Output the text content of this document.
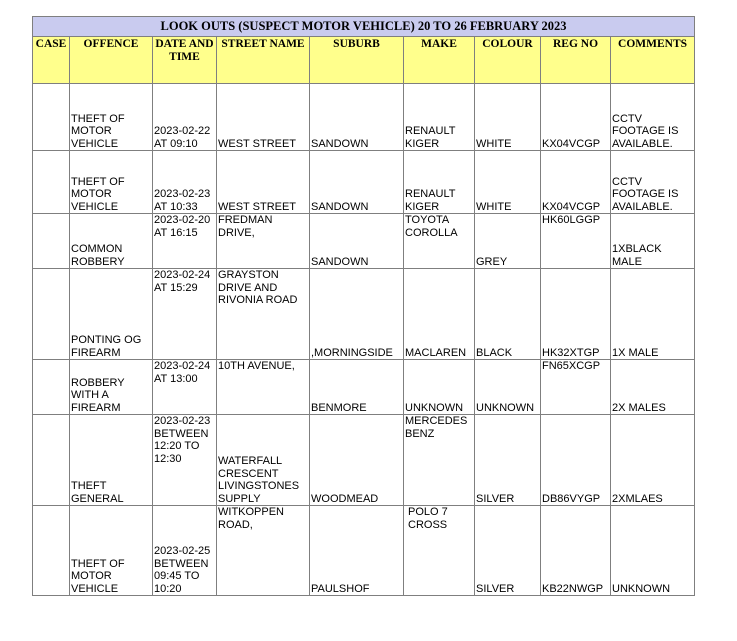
LOOK OUTS (SUSPECT MOTOR VEHICLE) 20 TO 26 FEBRUARY 2023								
CASE	OFFENCE	DATE AND TIME	STREET NAME	SUBURB	MAKE	COLOUR	REG NO	COMMENTS
	THEFT OF MOTOR VEHICLE	2023-02-22 AT 09:10	WEST STREET	SANDOWN	RENAULT KIGER	WHITE	KX04VCGP	CCTV FOOTAGE IS AVAILABLE.
	THEFT OF MOTOR VEHICLE	2023-02-23 AT 10:33	WEST STREET	SANDOWN	RENAULT KIGER	WHITE	KX04VCGP	CCTV FOOTAGE IS AVAILABLE.
	COMMON ROBBERY	2023-02-20 AT 16:15	FREDMAN DRIVE,	SANDOWN	TOYOTA COROLLA	GREY	HK60LGGP	1XBLACK MALE
	PONTING OG FIREARM	2023-02-24 AT 15:29	GRAYSTON DRIVE AND RIVONIA ROAD	,MORNINGSIDE	MACLAREN	BLACK	HK32XTGP	1X MALE
	ROBBERY WITH A FIREARM	2023-02-24 AT 13:00	10TH AVENUE,	BENMORE	UNKNOWN	UNKNOWN	FN65XCGP	2X MALES
	THEFT GENERAL	2023-02-23 BETWEEN 12:20 TO 12:30	WATERFALL CRESCENT LIVINGSTONES SUPPLY	WOODMEAD	MERCEDES BENZ	SILVER	DB86VYGP	2XMLAES
	THEFT OF MOTOR VEHICLE	2023-02-25 BETWEEN 09:45 TO 10:20	WITKOPPEN ROAD,	PAULSHOF	POLO 7 CROSS	SILVER	KB22NWGP	UNKNOWN
